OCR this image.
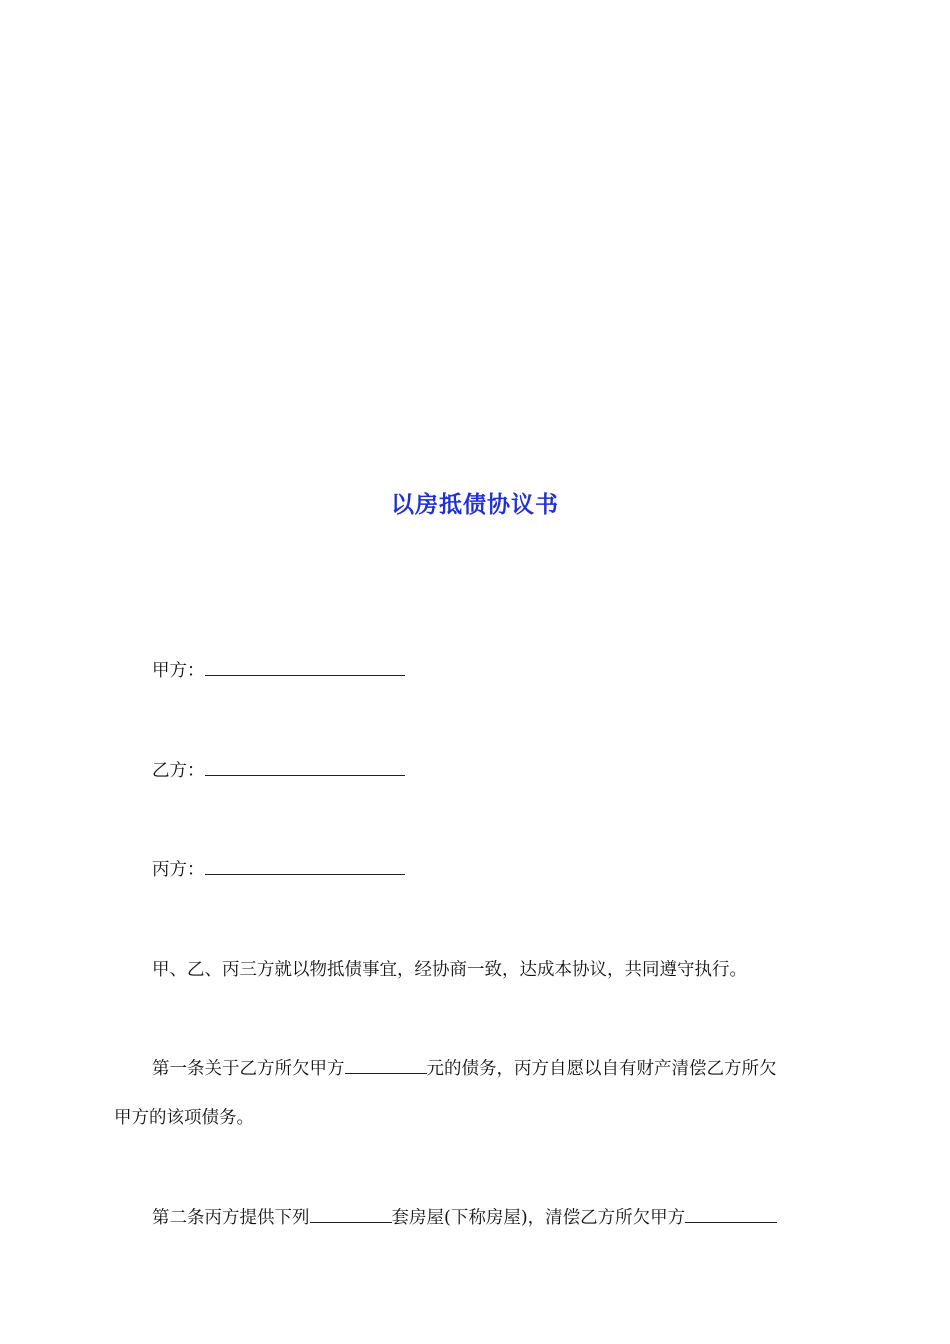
以房抵债协议书
甲方：
乙方：
丙方：
甲、乙、丙三方就以物抵债事宜，经协商一致，达成本协议，共同遵守执行。
第一条关于乙方所欠甲方	元的债务，丙方自愿以自有财产清偿乙方所欠
甲方的该项债务。
第二条丙方提供下列	套房屋(下称房屋)，清偿乙方所欠甲方
